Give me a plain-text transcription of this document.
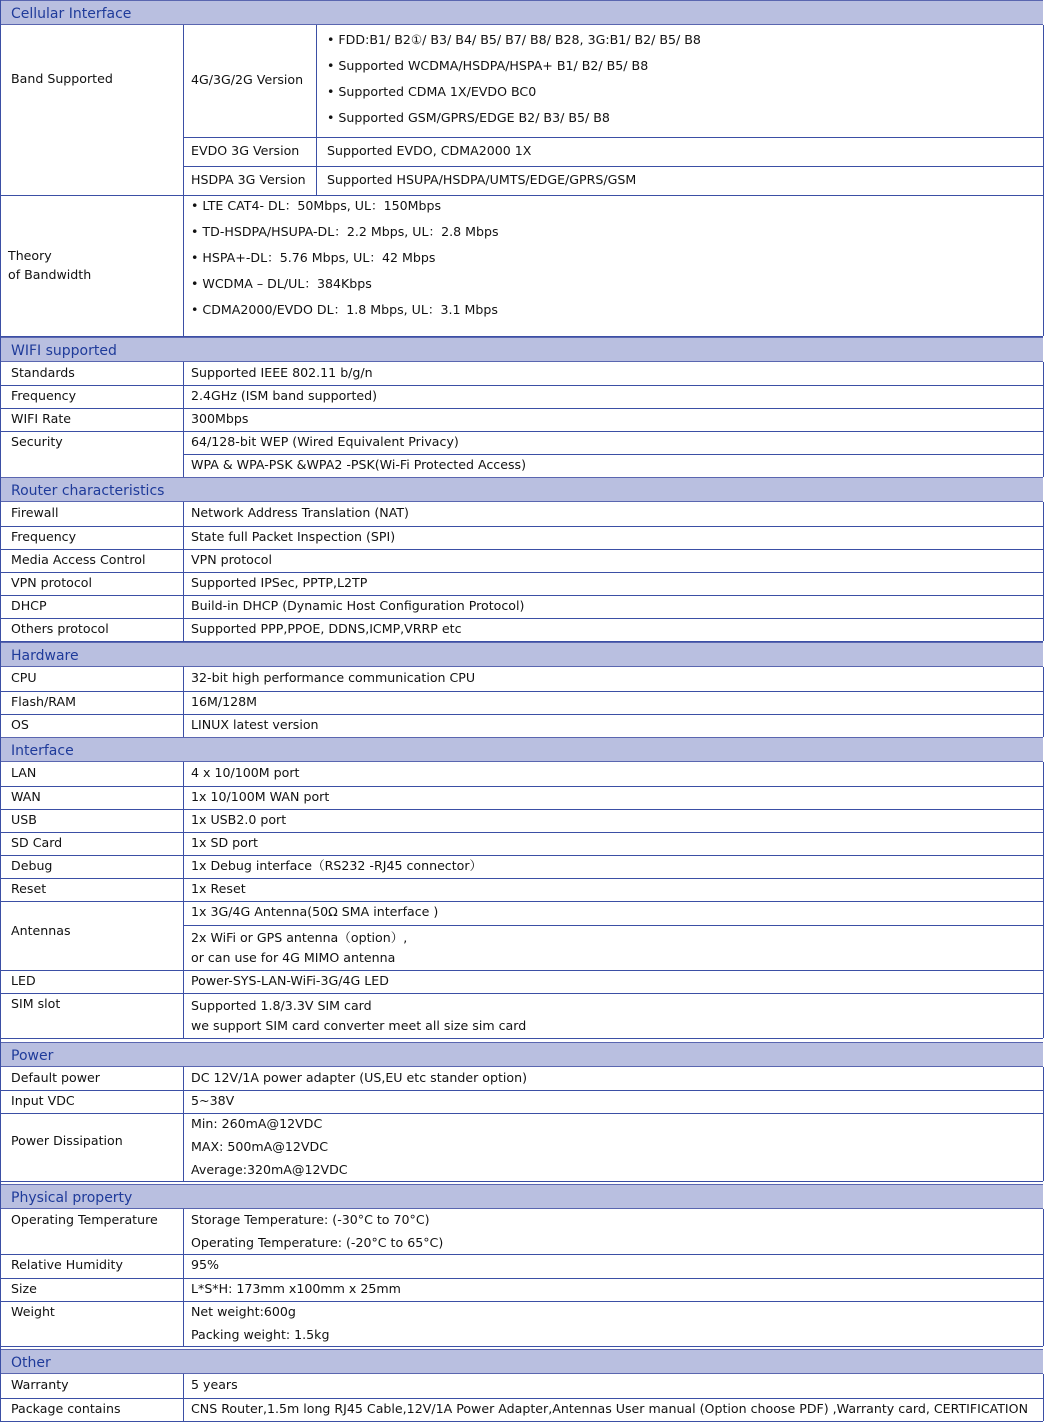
Cellular Interface
Band Supported	4G/3G/2G Version
• FDD:B1/ B2①/ B3/ B4/ B5/ B7/ B8/ B28, 3G:B1/ B2/ B5/ B8
• Supported WCDMA/HSDPA/HSPA+ B1/ B2/ B5/ B8
• Supported CDMA 1X/EVDO BC0
• Supported GSM/GPRS/EDGE B2/ B3/ B5/ B8
EVDO 3G Version Supported EVDO, CDMA2000 1X
HSDPA 3G Version Supported HSUPA/HSDPA/UMTS/EDGE/GPRS/GSM
Theory
of Bandwidth
• LTE CAT4- DL：50Mbps, UL：150Mbps
• TD-HSDPA/HSUPA-DL：2.2 Mbps, UL：2.8 Mbps
• HSPA+-DL：5.76 Mbps, UL：42 Mbps
• WCDMA – DL/UL：384Kbps
• CDMA2000/EVDO DL：1.8 Mbps, UL：3.1 Mbps
WIFI supported
Standards	Supported IEEE 802.11 b/g/n
Frequency	2.4GHz (ISM band supported)
WIFI Rate	300Mbps
Security	64/128-bit WEP (Wired Equivalent Privacy)
WPA & WPA-PSK &WPA2 -PSK(Wi-Fi Protected Access)
Router characteristics
Firewall	Network Address Translation (NAT)
Frequency	State full Packet Inspection (SPI)
Media Access Control	VPN protocol
VPN protocol	Supported IPSec, PPTP,L2TP
DHCP	Build-in DHCP (Dynamic Host Configuration Protocol)
Others protocol	Supported PPP,PPOE, DDNS,ICMP,VRRP etc
Hardware
CPU	32-bit high performance communication CPU
Flash/RAM	16M/128M
OS	LINUX latest version
Interface
LAN	4 x 10/100M port
WAN	1x 10/100M WAN port
USB	1x USB2.0 port
SD Card	1x SD port
Debug	1x Debug interface（RS232 -RJ45 connector）
Reset	1x Reset
Antennas
1x 3G/4G Antenna(50Ω SMA interface )
2x WiFi or GPS antenna（option）,
or can use for 4G MIMO antenna
LED	Power-SYS-LAN-WiFi-3G/4G LED
SIM slot	Supported 1.8/3.3V SIM card
we support SIM card converter meet all size sim card
Power
Default power	DC 12V/1A power adapter (US,EU etc stander option)
Input VDC	5~38V
Power Dissipation
Min: 260mA@12VDC
MAX: 500mA@12VDC
Average:320mA@12VDC
Physical property
Operating Temperature	Storage Temperature: (-30°C to 70°C)
Operating Temperature: (-20°C to 65°C)
Relative Humidity	95%
Size	L*S*H: 173mm x100mm x 25mm
Weight	Net weight:600g
Packing weight: 1.5kg
Other
Warranty	5 years
Package contains	CNS Router,1.5m long RJ45 Cable,12V/1A Power Adapter,Antennas User manual (Option choose PDF) ,Warranty card, CERTIFICATION
